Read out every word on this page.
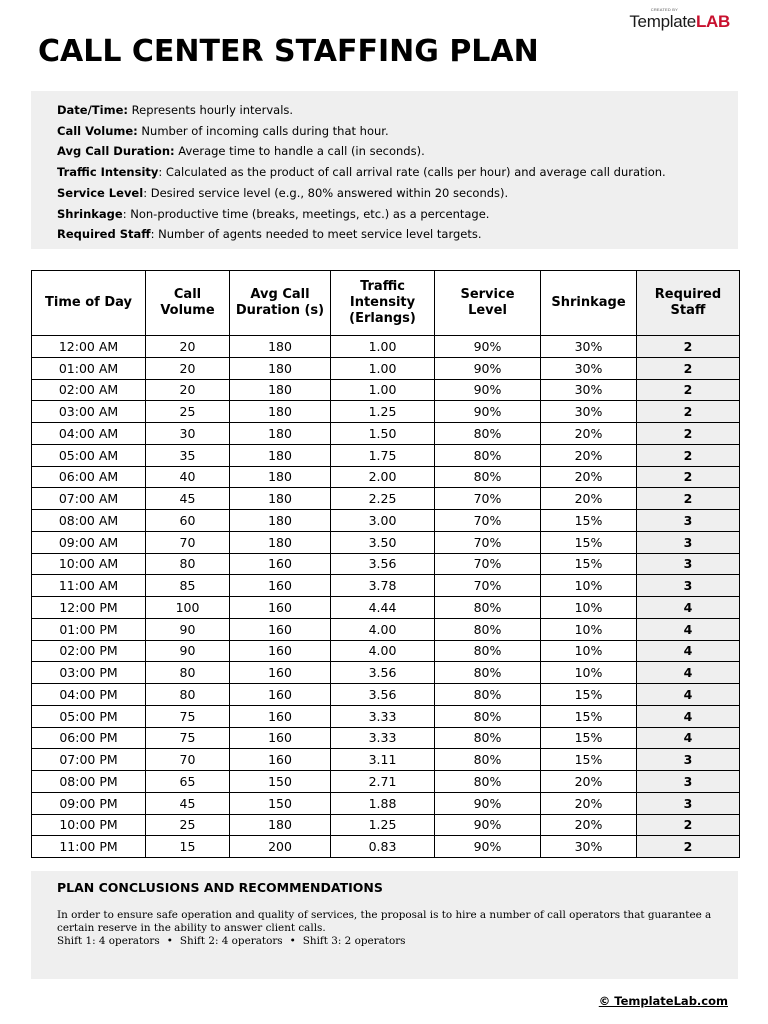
CREATED BY
TemplateLAB
CALL CENTER STAFFING PLAN
Date/Time: Represents hourly intervals.
Call Volume: Number of incoming calls during that hour.
Avg Call Duration: Average time to handle a call (in seconds).
Traffic Intensity: Calculated as the product of call arrival rate (calls per hour) and average call duration.
Service Level: Desired service level (e.g., 80% answered within 20 seconds).
Shrinkage: Non-productive time (breaks, meetings, etc.) as a percentage.
Required Staff: Number of agents needed to meet service level targets.
Time of Day	Call Volume	Avg Call Duration (s)	Traffic Intensity (Erlangs)	Service Level	Shrinkage	Required Staff
12:00 AM	20	180	1.00	90%	30%	2
01:00 AM	20	180	1.00	90%	30%	2
02:00 AM	20	180	1.00	90%	30%	2
03:00 AM	25	180	1.25	90%	30%	2
04:00 AM	30	180	1.50	80%	20%	2
05:00 AM	35	180	1.75	80%	20%	2
06:00 AM	40	180	2.00	80%	20%	2
07:00 AM	45	180	2.25	70%	20%	2
08:00 AM	60	180	3.00	70%	15%	3
09:00 AM	70	180	3.50	70%	15%	3
10:00 AM	80	160	3.56	70%	15%	3
11:00 AM	85	160	3.78	70%	10%	3
12:00 PM	100	160	4.44	80%	10%	4
01:00 PM	90	160	4.00	80%	10%	4
02:00 PM	90	160	4.00	80%	10%	4
03:00 PM	80	160	3.56	80%	10%	4
04:00 PM	80	160	3.56	80%	15%	4
05:00 PM	75	160	3.33	80%	15%	4
06:00 PM	75	160	3.33	80%	15%	4
07:00 PM	70	160	3.11	80%	15%	3
08:00 PM	65	150	2.71	80%	20%	3
09:00 PM	45	150	1.88	90%	20%	3
10:00 PM	25	180	1.25	90%	20%	2
11:00 PM	15	200	0.83	90%	30%	2
PLAN CONCLUSIONS AND RECOMMENDATIONS
In order to ensure safe operation and quality of services, the proposal is to hire a number of call operators that guarantee a certain reserve in the ability to answer client calls.
Shift 1: 4 operators • Shift 2: 4 operators • Shift 3: 2 operators
© TemplateLab.com
